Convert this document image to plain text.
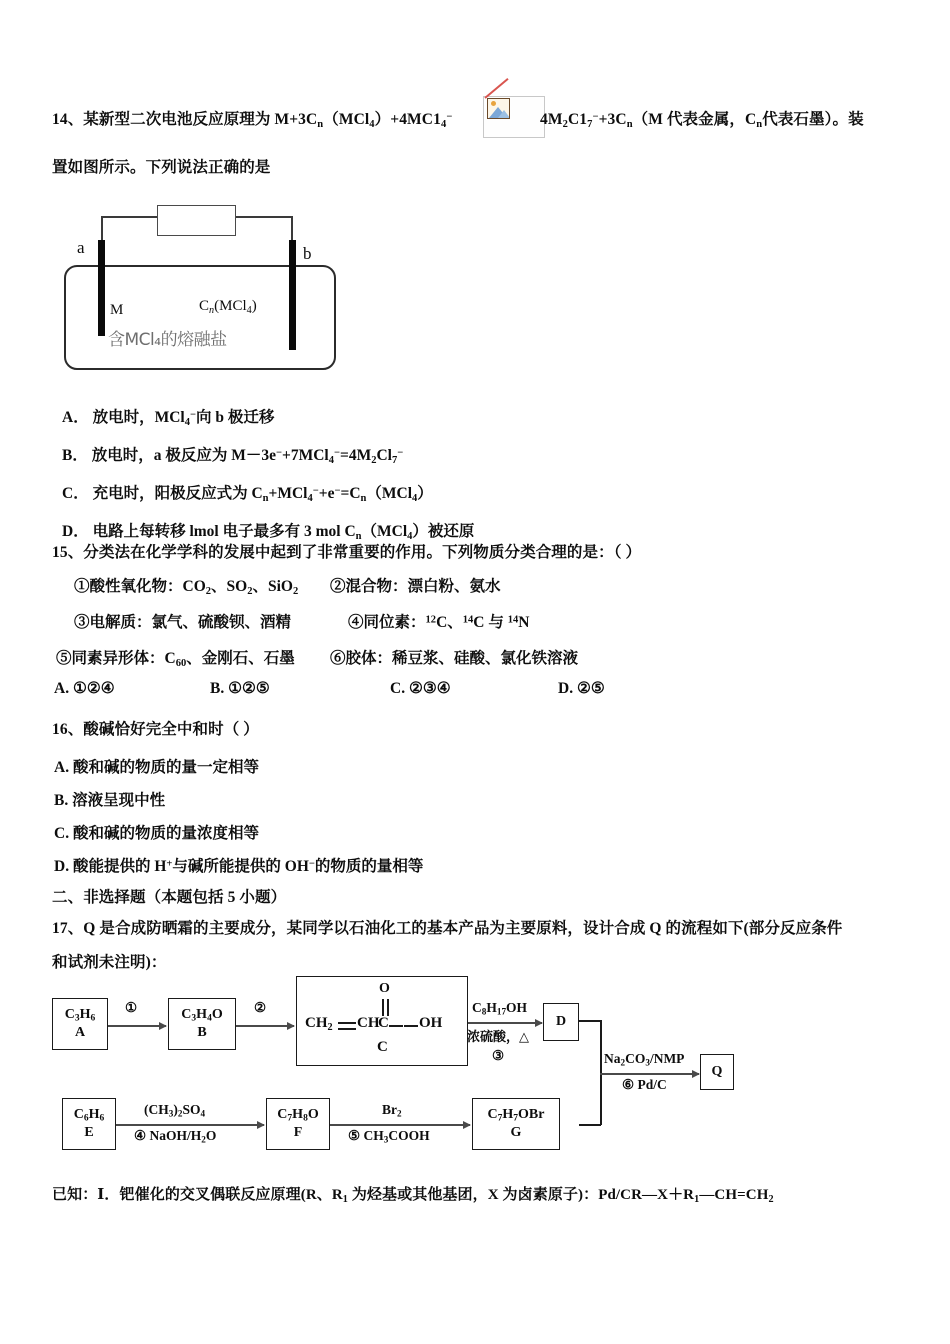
14、某新型二次电池反应原理为 $M+3C_n(MCl_4)+4MC1_4^-$	$4M_2C1_7^-+3C_n(M$ 代表金属，$C_n$代表石墨）。装
置如图所示。下列说法正确的是
a	b
M	$C_n(MCl_4)$
含MCl₄的熔融盐
A． 放电时，MCl$_4$−向 b 极迁移
B． 放电时，a 极反应为 $M-3e^-+7MCl_4^-=4M_2Cl_7^-$
C． 充电时，阳极反应式为 $C_n+MCl_4^-+e^-=C_n(MCl_4)$
D． 电路上每转移 lmol 电子最多有 3 mol $C_n(MCl_4)$被还原
15、分类法在化学学科的发展中起到了非常重要的作用。下列物质分类合理的是：（ ）
①酸性氧化物：$CO_2$、$SO_2$、SiO$_2$ ②混合物：漂白粉、氨水
③电解质：氯气、硫酸钡、酒精	④同位素：$^{12}$C、$^{14}$C 与 $^{14}$N
⑤同素异形体：$C_{60}$、金刚石、石墨 ⑥胶体：稀豆浆、硅酸、氯化铁溶液
A. ①②④	B. ①②⑤	C. ②③④	D. ②⑤
16、酸碱恰好完全中和时（ ）
A. 酸和碱的物质的量一定相等
B. 溶液呈现中性
C. 酸和碱的物质的量浓度相等
D. 酸能提供的 H+与碱所能提供的 OH−的物质的量相等
二、非选择题（本题包括 5 小题）
17、Q 是合成防晒霜的主要成分，某同学以石油化工的基本产品为主要原料，设计合成 Q 的流程如下(部分反应条件
和试剂未注明)：
$C_3H_6$
A
①	$C_3H_4O$
B
②
O
$CH_2$ CH
C OH
C
$C_8H_{17}OH$
浓硫酸，△
③
D
$Na_2CO_3$/NMP
⑥ Pd/C
Q
$C_6H_6$
E
$(CH_3)_2SO_4$
④ NaOH/$H_2O$
$C_7H_8O$
F
$Br_2$
⑤ $CH_3COOH$
$C_7H_7OBr$
G
已知：Ⅰ．钯催化的交叉偶联反应原理(R、$R_1$ 为烃基或其他基团，X 为卤素原子)：$Pd/CR—X+R_1—CH=CH_2$
